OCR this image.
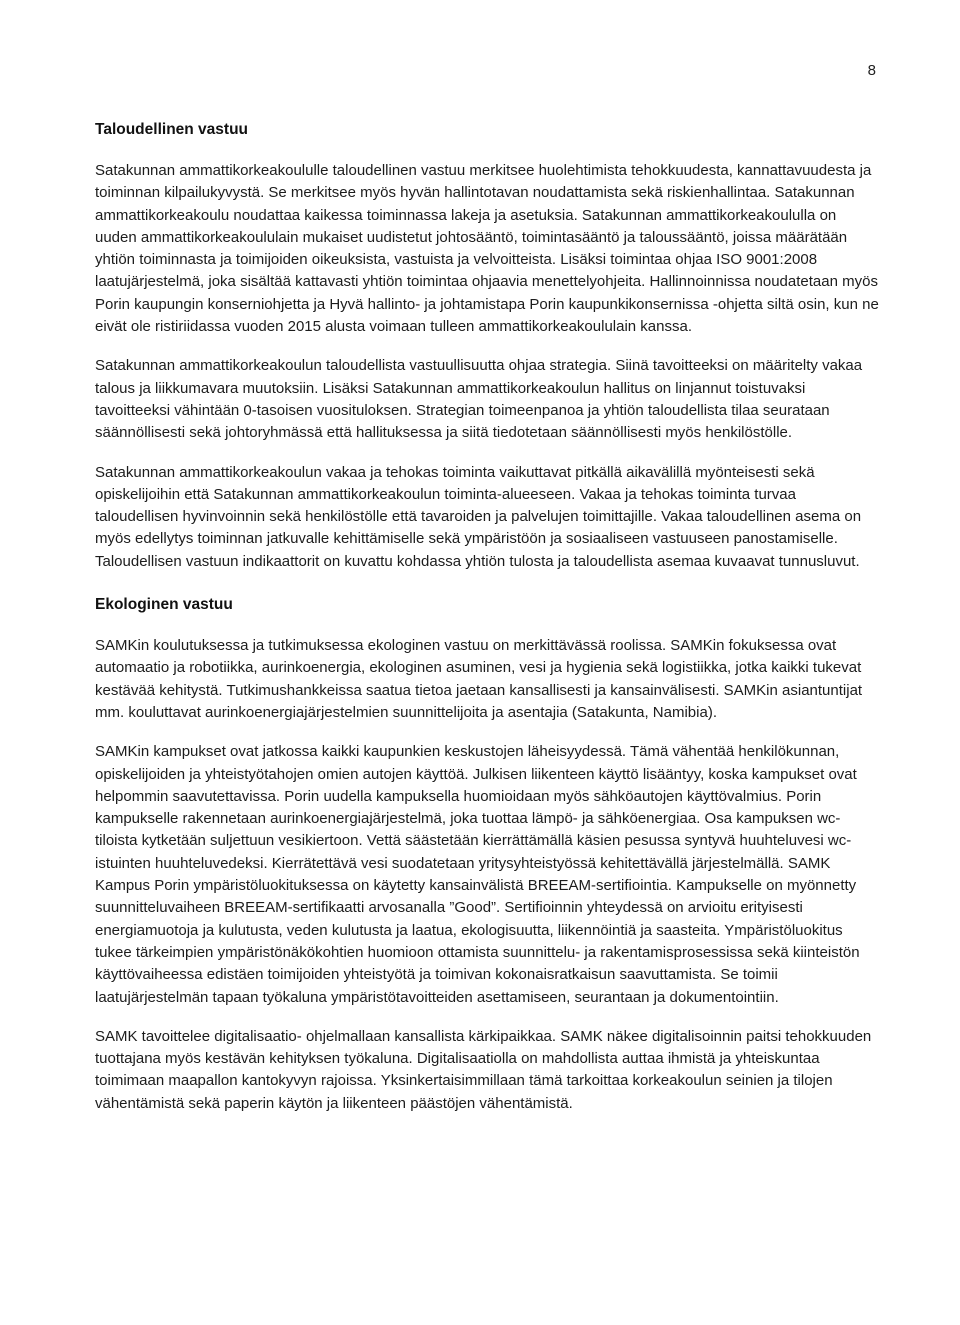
8
Taloudellinen vastuu

Satakunnan ammattikorkeakoululle taloudellinen vastuu merkitsee huolehtimista tehokkuudesta, kannattavuudesta ja toiminnan kilpailukyvystä. Se merkitsee myös hyvän hallintotavan noudattamista sekä riskienhallintaa. Satakunnan ammattikorkeakoulu noudattaa kaikessa toiminnassa lakeja ja asetuksia. Satakunnan ammattikorkeakoululla on uuden ammattikorkeakoululain mukaiset uudistetut johtosääntö, toimintasääntö ja taloussääntö, joissa määrätään yhtiön toiminnasta ja toimijoiden oikeuksista, vastuista ja velvoitteista. Lisäksi toimintaa ohjaa ISO 9001:2008 laatujärjestelmä, joka sisältää kattavasti yhtiön toimintaa ohjaavia menettelyohjeita. Hallinnoinnissa noudatetaan myös Porin kaupungin konserniohjetta ja Hyvä hallinto- ja johtamistapa Porin kaupunkikonsernissa -ohjetta siltä osin, kun ne eivät ole ristiriidassa vuoden 2015 alusta voimaan tulleen ammattikorkeakoululain kanssa.

Satakunnan ammattikorkeakoulun taloudellista vastuullisuutta ohjaa strategia. Siinä tavoitteeksi on määritelty vakaa talous ja liikkumavara muutoksiin. Lisäksi Satakunnan ammattikorkeakoulun hallitus on linjannut toistuvaksi tavoitteeksi vähintään 0-tasoisen vuosituloksen. Strategian toimeenpanoa ja yhtiön taloudellista tilaa seurataan säännöllisesti sekä johtoryhmässä että hallituksessa ja siitä tiedotetaan säännöllisesti myös henkilöstölle.

Satakunnan ammattikorkeakoulun vakaa ja tehokas toiminta vaikuttavat pitkällä aikavälillä myönteisesti sekä opiskelijoihin että Satakunnan ammattikorkeakoulun toiminta-alueeseen. Vakaa ja tehokas toiminta turvaa taloudellisen hyvinvoinnin sekä henkilöstölle että tavaroiden ja palvelujen toimittajille. Vakaa taloudellinen asema on myös edellytys toiminnan jatkuvalle kehittämiselle sekä ympäristöön ja sosiaaliseen vastuuseen panostamiselle. Taloudellisen vastuun indikaattorit on kuvattu kohdassa yhtiön tulosta ja taloudellista asemaa kuvaavat tunnusluvut.

Ekologinen vastuu

SAMKin koulutuksessa ja tutkimuksessa ekologinen vastuu on merkittävässä roolissa. SAMKin fokuksessa ovat automaatio ja robotiikka, aurinkoenergia, ekologinen asuminen, vesi ja hygienia sekä logistiikka, jotka kaikki tukevat kestävää kehitystä. Tutkimushankkeissa saatua tietoa jaetaan kansallisesti ja kansainvälisesti. SAMKin asiantuntijat mm. kouluttavat aurinkoenergiajärjestelmien suunnittelijoita ja asentajia (Satakunta, Namibia).

SAMKin kampukset ovat jatkossa kaikki kaupunkien keskustojen läheisyydessä. Tämä vähentää henkilökunnan, opiskelijoiden ja yhteistyötahojen omien autojen käyttöä. Julkisen liikenteen käyttö lisääntyy, koska kampukset ovat helpommin saavutettavissa. Porin uudella kampuksella huomioidaan myös sähköautojen käyttövalmius. Porin kampukselle rakennetaan aurinkoenergiajärjestelmä, joka tuottaa lämpö- ja sähköenergiaa. Osa kampuksen wc-tiloista kytketään suljettuun vesikiertoon. Vettä säästetään kierrättämällä käsien pesussa syntyvä huuhteluvesi wc-istuinten huuhteluvedeksi. Kierrätettävä vesi suodatetaan yritysyhteistyössä kehitettävällä järjestelmällä. SAMK Kampus Porin ympäristöluokituksessa on käytetty kansainvälistä BREEAM-sertifiointia. Kampukselle on myönnetty suunnitteluvaiheen BREEAM-sertifikaatti arvosanalla ”Good”. Sertifioinnin yhteydessä on arvioitu erityisesti energiamuotoja ja kulutusta, veden kulutusta ja laatua, ekologisuutta, liikennöintiä ja saasteita. Ympäristöluokitus tukee tärkeimpien ympäristönäkökohtien huomioon ottamista suunnittelu- ja rakentamisprosessissa sekä kiinteistön käyttövaiheessa edistäen toimijoiden yhteistyötä ja toimivan kokonaisratkaisun saavuttamista. Se toimii laatujärjestelmän tapaan työkaluna ympäristötavoitteiden asettamiseen, seurantaan ja dokumentointiin.

SAMK tavoittelee digitalisaatio- ohjelmallaan kansallista kärkipaikkaa. SAMK näkee digitalisoinnin paitsi tehokkuuden tuottajana myös kestävän kehityksen työkaluna. Digitalisaatiolla on mahdollista auttaa ihmistä ja yhteiskuntaa toimimaan maapallon kantokyvyn rajoissa. Yksinkertaisimmillaan tämä tarkoittaa korkeakoulun seinien ja tilojen vähentämistä sekä paperin käytön ja liikenteen päästöjen vähentämistä.
